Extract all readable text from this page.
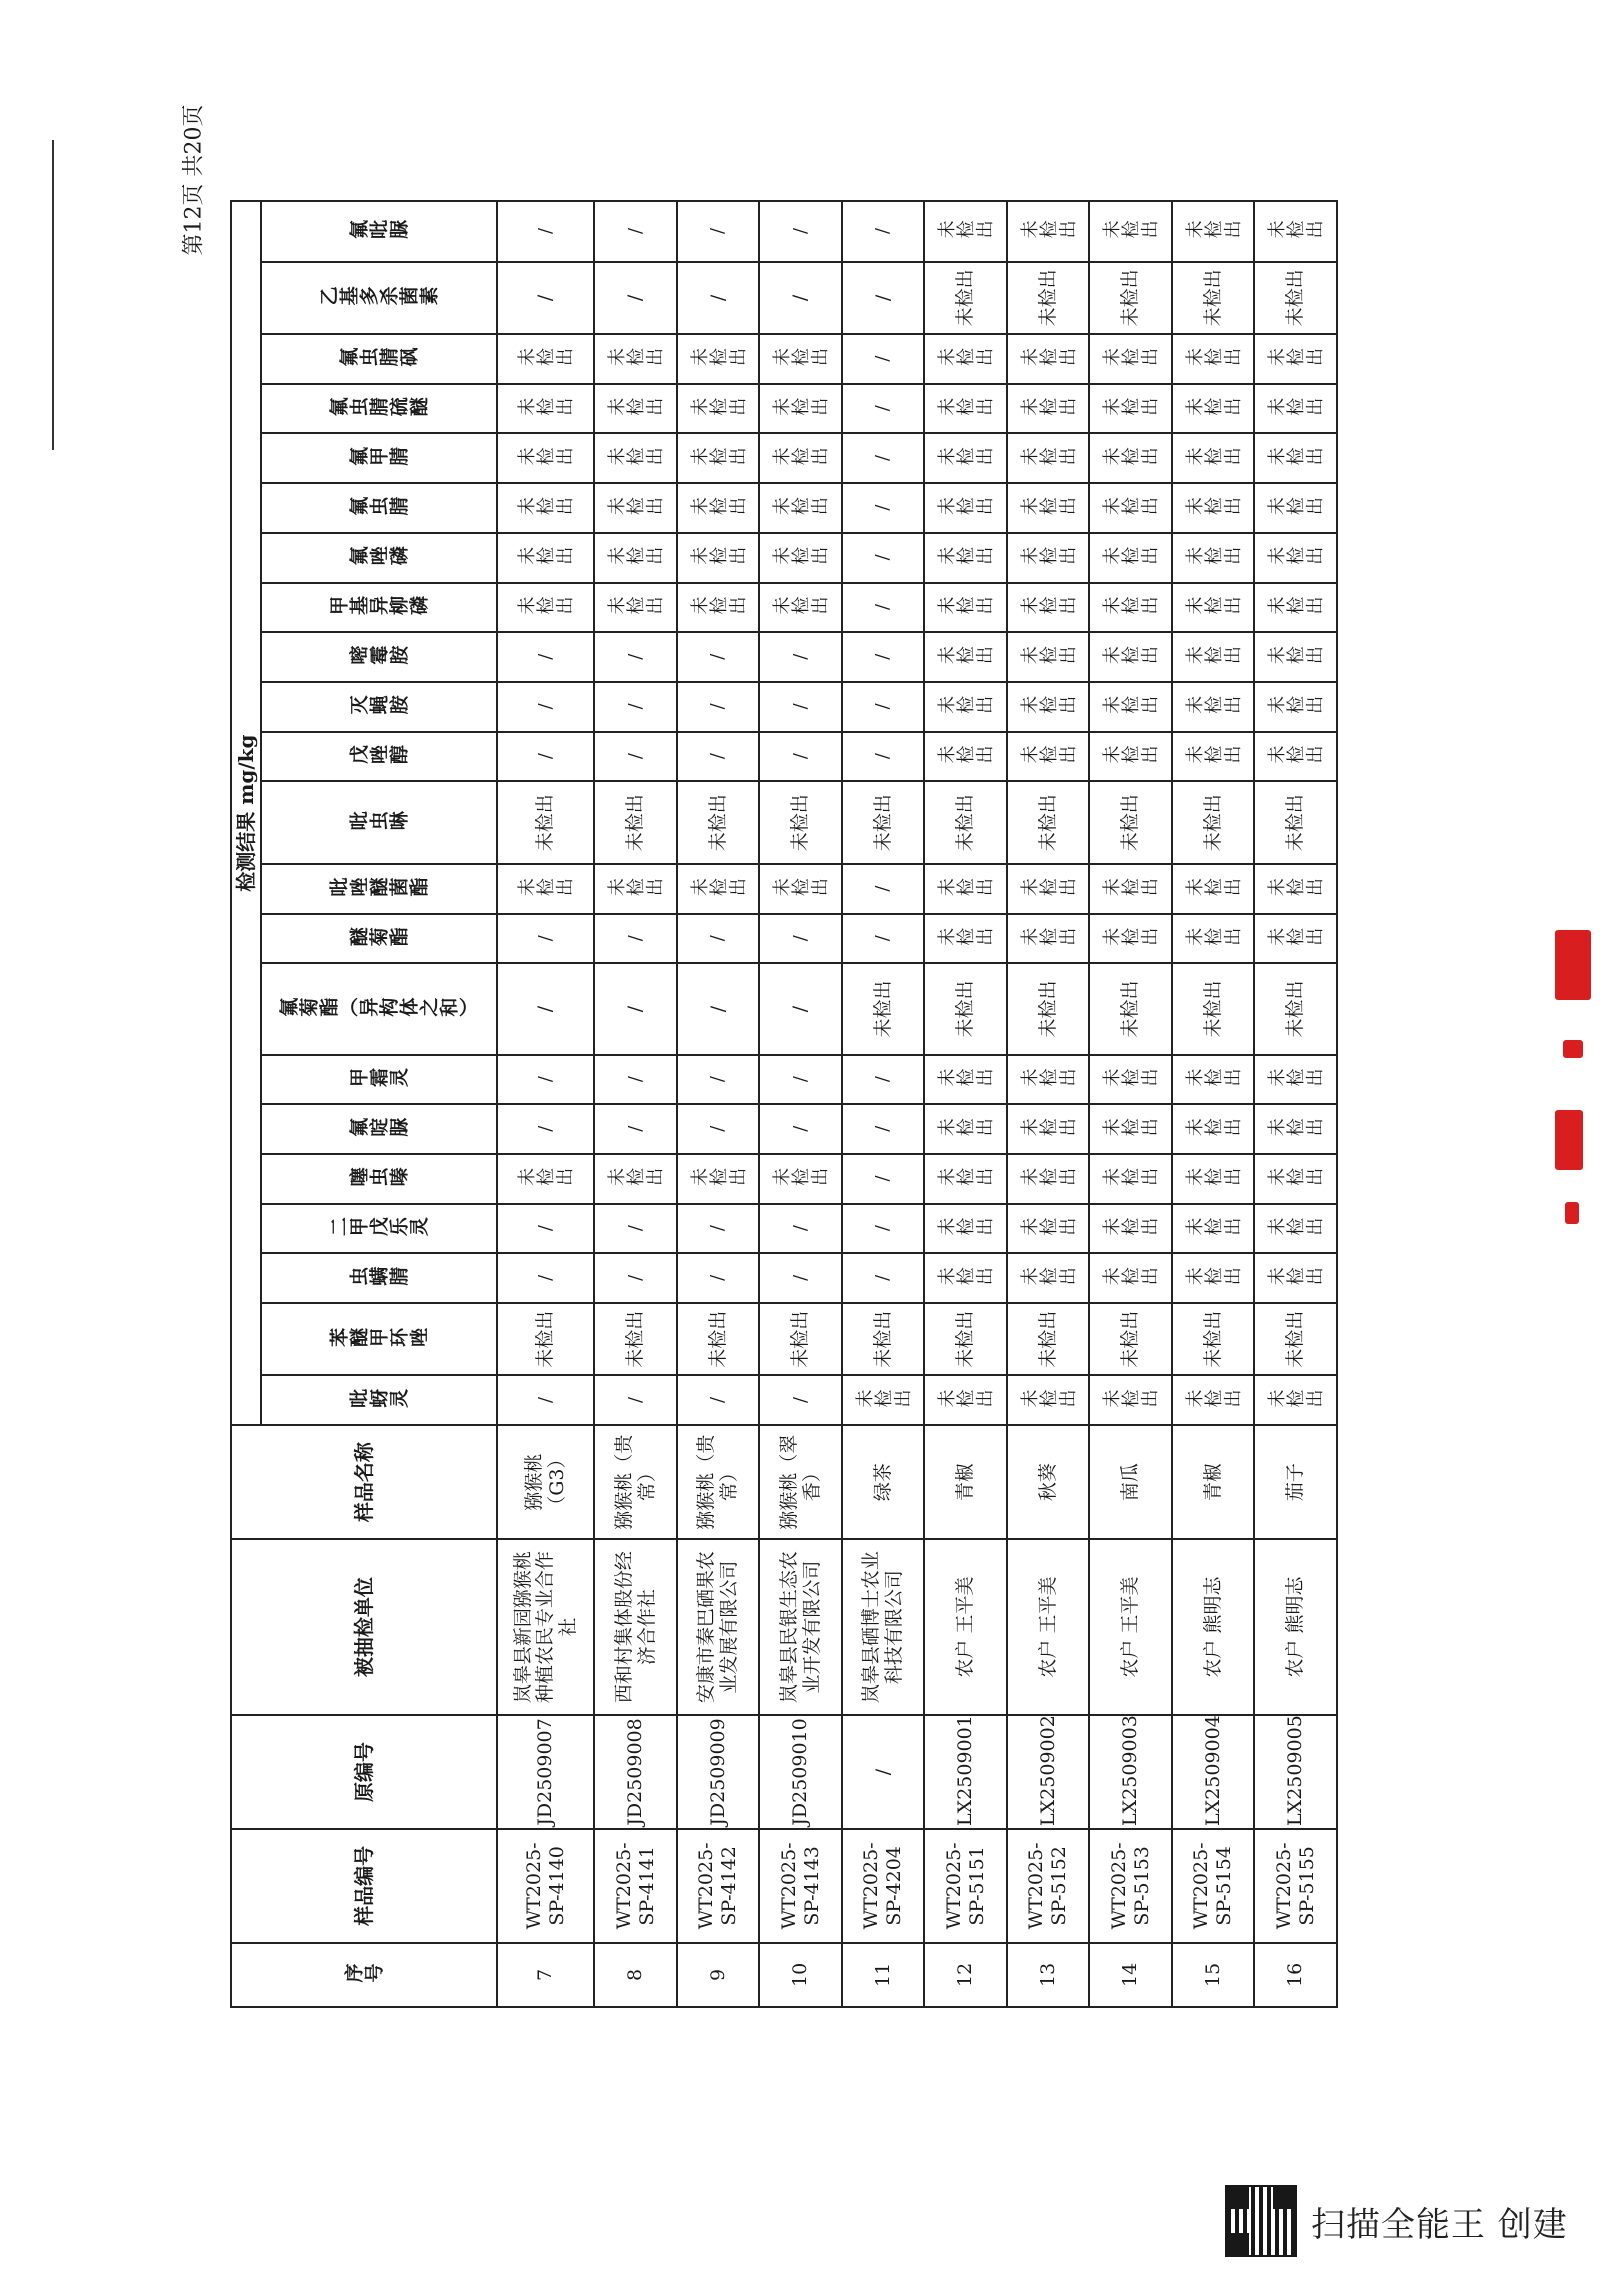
第12页 共20页
序号	样品编号	原编号	被抽检单位	样品名称	检测结果 mg/kg																					

					吡蚜灵	苯醚甲环唑	虫螨腈	二甲戊乐灵	噻虫嗪	氟啶脲	甲霜灵	氟菊酯（异构体之和）	醚菊酯	吡唑醚菌酯	吡虫啉	戊唑醇	灭蝇胺	嘧霉胺	甲基异柳磷	氟唑磷	氟虫腈	氟甲腈	氟虫腈硫醚	氟虫腈砜	乙基多杀菌素	氟吡脲

7	WT2025-SP-4140	JD2509007	岚皋县新园猕猴桃种植农民专业合作社	猕猴桃（G3）	/	未检出	/	/	未检出	/	/	/	/	未检出	未检出	/	/	/	未检出	未检出	未检出	未检出	未检出	未检出	/	/

8	WT2025-SP-4141	JD2509008	西和村集体股份经济合作社	猕猴桃（贵常）	/	未检出	/	/	未检出	/	/	/	/	未检出	未检出	/	/	/	未检出	未检出	未检出	未检出	未检出	未检出	/	/

9	WT2025-SP-4142	JD2509009	安康市秦巴硒果农业发展有限公司	猕猴桃（贵常）	/	未检出	/	/	未检出	/	/	/	/	未检出	未检出	/	/	/	未检出	未检出	未检出	未检出	未检出	未检出	/	/

10	WT2025-SP-4143	JD2509010	岚皋县民银生态农业开发有限公司	猕猴桃（翠香）	/	未检出	/	/	未检出	/	/	/	/	未检出	未检出	/	/	/	未检出	未检出	未检出	未检出	未检出	未检出	/	/

11	WT2025-SP-4204	/	岚皋县硒博士农业科技有限公司	绿茶	未检出	未检出	/	/	/	/	/	未检出	/	/	未检出	/	/	/	/	/	/	/	/	/	/	/

12	WT2025-SP-5151	LX2509001	农户 王平美	青椒	未检出	未检出	未检出	未检出	未检出	未检出	未检出	未检出	未检出	未检出	未检出	未检出	未检出	未检出	未检出	未检出	未检出	未检出	未检出	未检出	未检出	未检出

13	WT2025-SP-5152	LX2509002	农户 王平美	秋葵	未检出	未检出	未检出	未检出	未检出	未检出	未检出	未检出	未检出	未检出	未检出	未检出	未检出	未检出	未检出	未检出	未检出	未检出	未检出	未检出	未检出	未检出

14	WT2025-SP-5153	LX2509003	农户 王平美	南瓜	未检出	未检出	未检出	未检出	未检出	未检出	未检出	未检出	未检出	未检出	未检出	未检出	未检出	未检出	未检出	未检出	未检出	未检出	未检出	未检出	未检出	未检出

15	WT2025-SP-5154	LX2509004	农户 熊明志	青椒	未检出	未检出	未检出	未检出	未检出	未检出	未检出	未检出	未检出	未检出	未检出	未检出	未检出	未检出	未检出	未检出	未检出	未检出	未检出	未检出	未检出	未检出

16	WT2025-SP-5155	LX2509005	农户 熊明志	茄子	未检出	未检出	未检出	未检出	未检出	未检出	未检出	未检出	未检出	未检出	未检出	未检出	未检出	未检出	未检出	未检出	未检出	未检出	未检出	未检出	未检出	未检出
扫描全能王 创建
